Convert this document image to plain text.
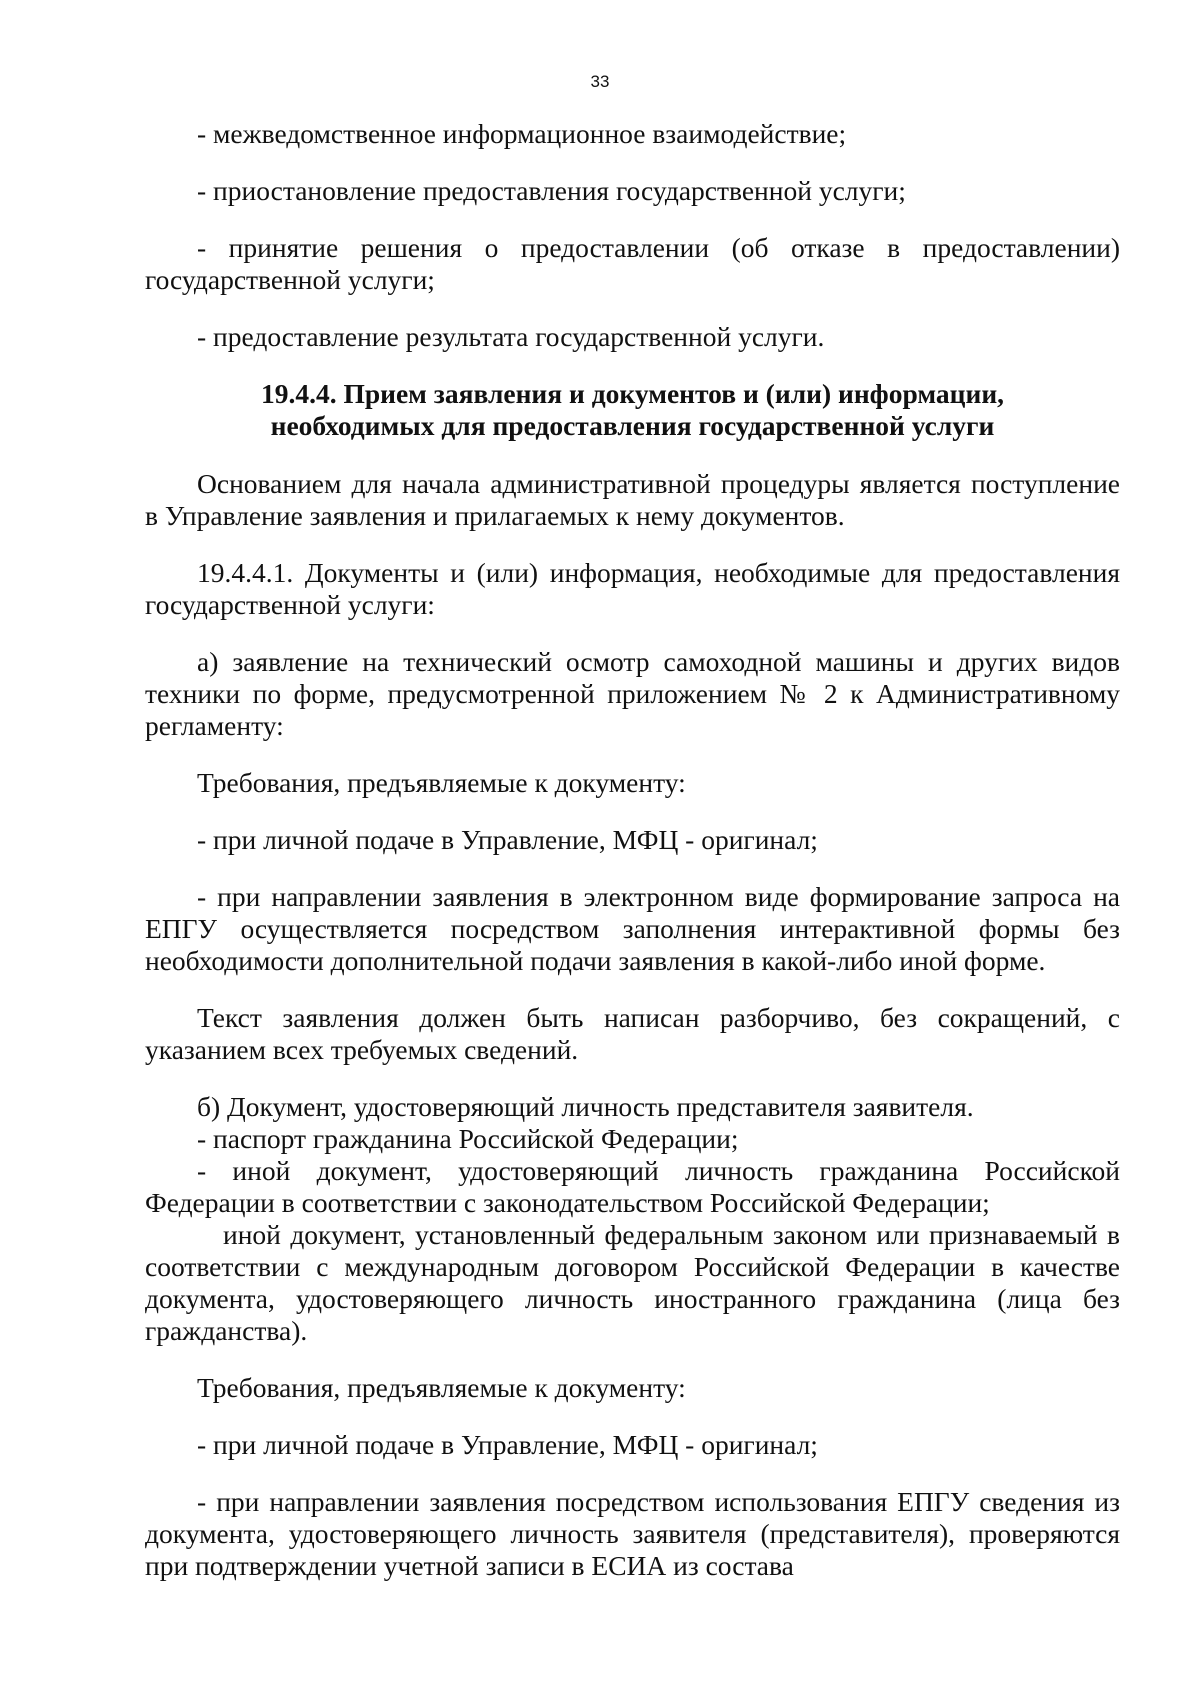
33

- межведомственное информационное взаимодействие;

- приостановление предоставления государственной услуги;

- принятие решения о предоставлении (об отказе в предоставлении) государственной услуги;

- предоставление результата государственной услуги.

19.4.4. Прием заявления и документов и (или) информации,
необходимых для предоставления государственной услуги

Основанием для начала административной процедуры является поступление в Управление заявления и прилагаемых к нему документов.

19.4.4.1. Документы и (или) информация, необходимые для предоставления государственной услуги:

а) заявление на технический осмотр самоходной машины и других видов техники по форме, предусмотренной приложением № 2 к Административному регламенту:

Требования, предъявляемые к документу:

- при личной подаче в Управление, МФЦ - оригинал;

- при направлении заявления в электронном виде формирование запроса на ЕПГУ осуществляется посредством заполнения интерактивной формы без необходимости дополнительной подачи заявления в какой-либо иной форме.

Текст заявления должен быть написан разборчиво, без сокращений, с указанием всех требуемых сведений.

б) Документ, удостоверяющий личность представителя заявителя.

- паспорт гражданина Российской Федерации;

- иной документ, удостоверяющий личность гражданина Российской Федерации в соответствии с законодательством Российской Федерации;

иной документ, установленный федеральным законом или признаваемый в соответствии с международным договором Российской Федерации в качестве документа, удостоверяющего личность иностранного гражданина (лица без гражданства).

Требования, предъявляемые к документу:

- при личной подаче в Управление, МФЦ - оригинал;

- при направлении заявления посредством использования ЕПГУ сведения из документа, удостоверяющего личность заявителя (представителя), проверяются при подтверждении учетной записи в ЕСИА из состава
